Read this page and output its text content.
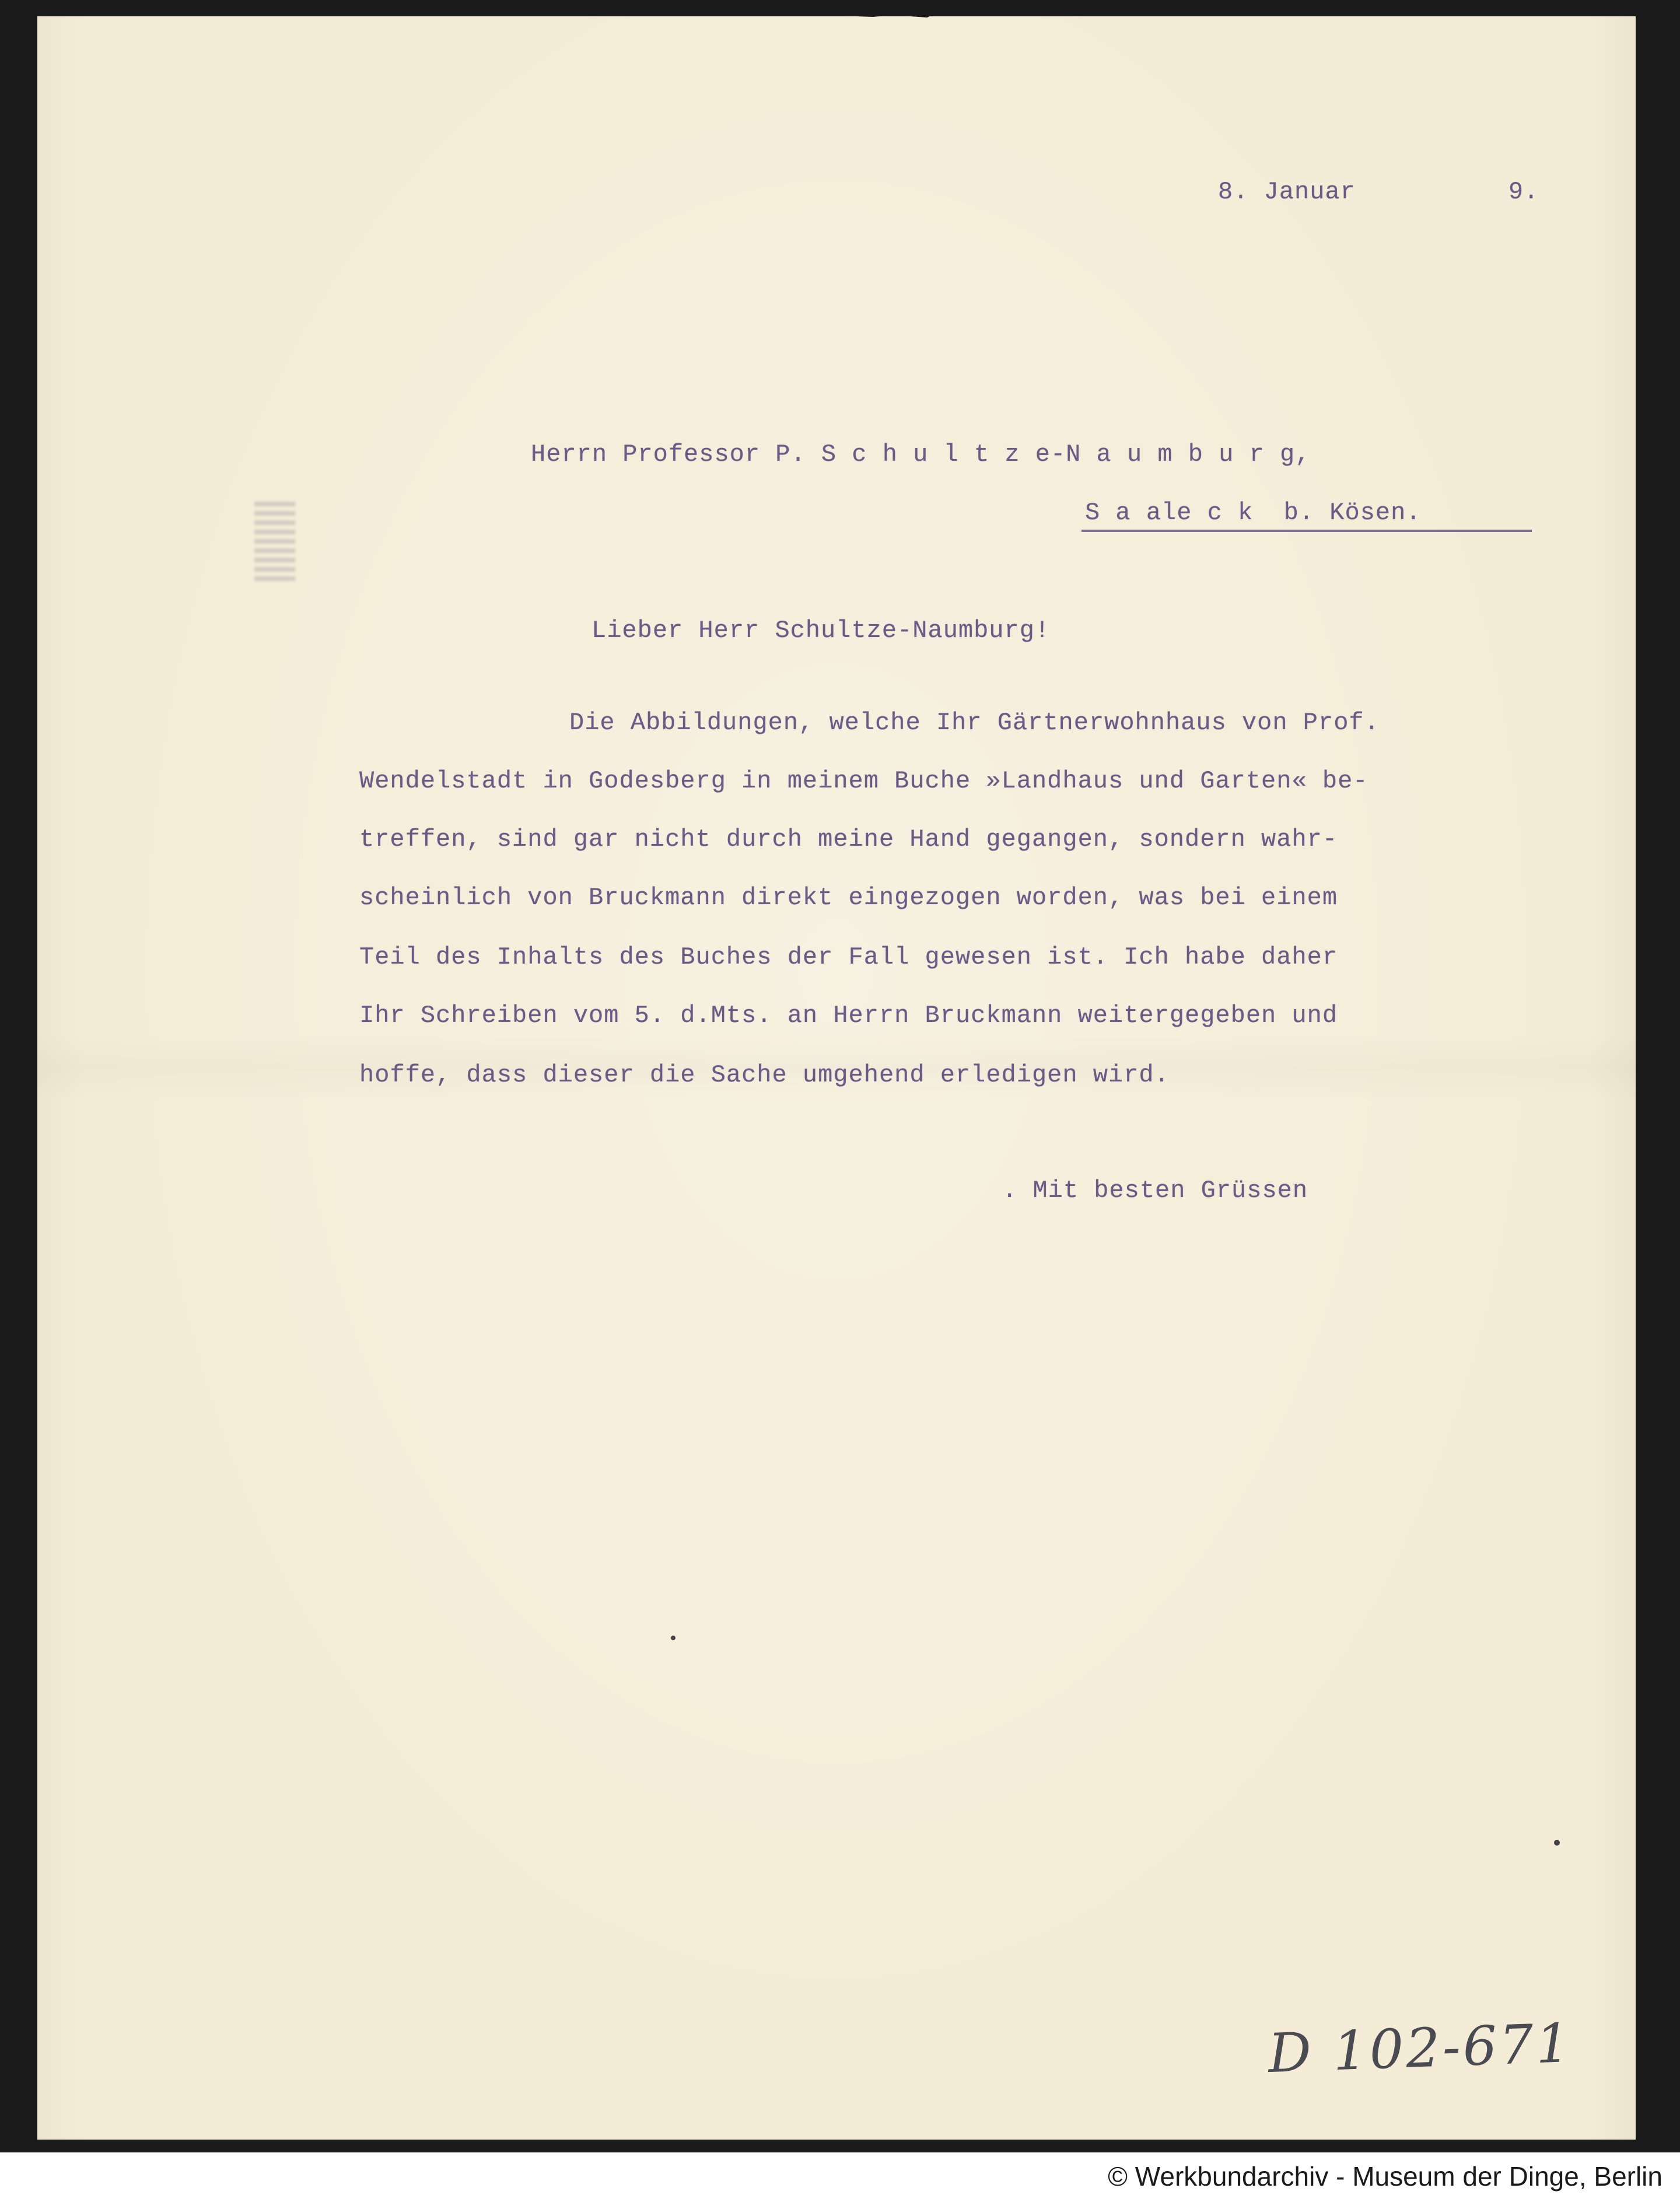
8. Januar          9.
Herrn Professor P. S c h u l t z e-N a u m b u r g,
S a ale c k  b. Kösen.
Lieber Herr Schultze-Naumburg!
Die Abbildungen, welche Ihr Gärtnerwohnhaus von Prof.
Wendelstadt in Godesberg in meinem Buche »Landhaus und Garten« be-
treffen, sind gar nicht durch meine Hand gegangen, sondern wahr-
scheinlich von Bruckmann direkt eingezogen worden, was bei einem
Teil des Inhalts des Buches der Fall gewesen ist. Ich habe daher
Ihr Schreiben vom 5. d.Mts. an Herrn Bruckmann weitergegeben und
hoffe, dass dieser die Sache umgehend erledigen wird.
. Mit besten Grüssen
D 102-671
© Werkbundarchiv - Museum der Dinge, Berlin
